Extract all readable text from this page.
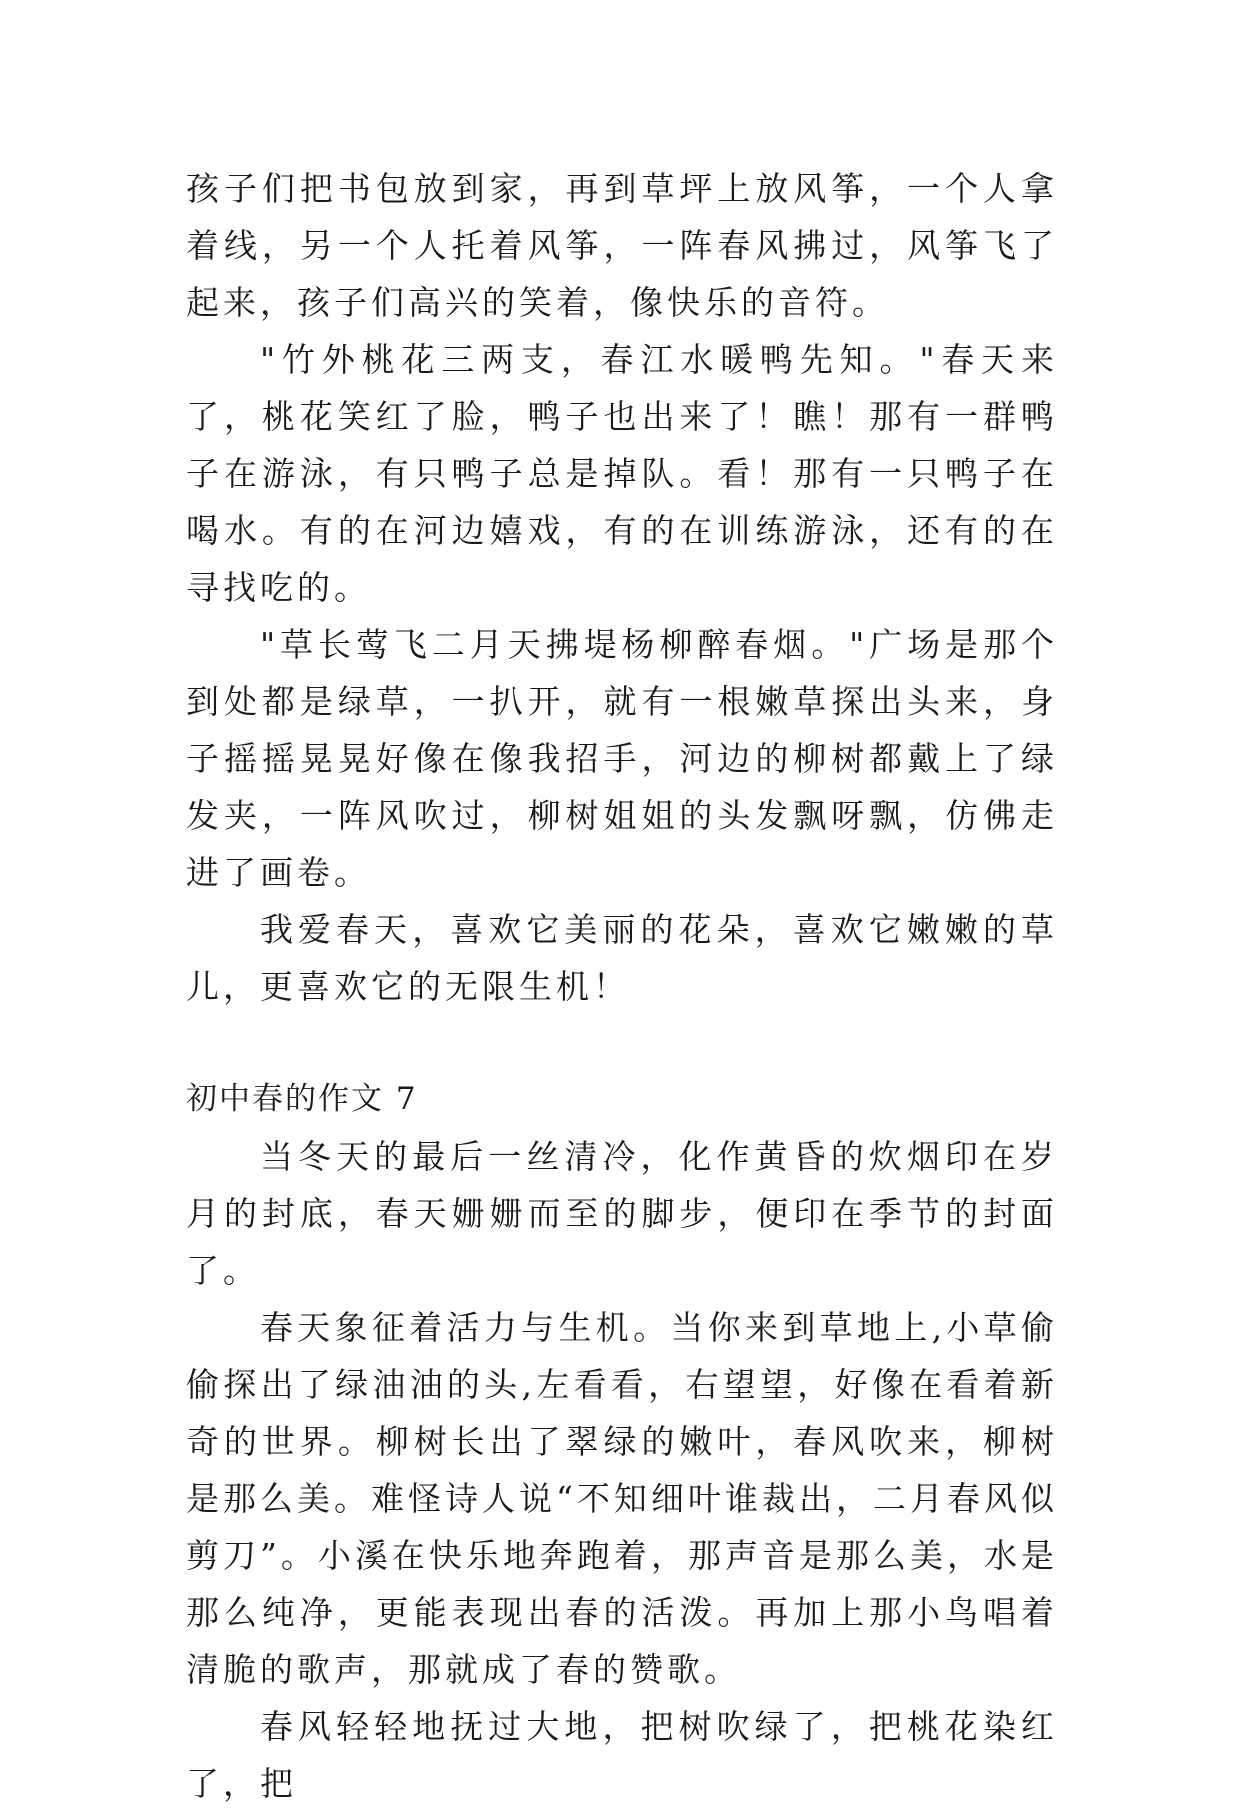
孩子们把书包放到家，再到草坪上放风筝，一个人拿着线，另一个人托着风筝，一阵春风拂过，风筝飞了起来，孩子们高兴的笑着，像快乐的音符。

"竹外桃花三两支，春江水暖鸭先知。"春天来了，桃花笑红了脸，鸭子也出来了！瞧！那有一群鸭子在游泳，有只鸭子总是掉队。看！那有一只鸭子在喝水。有的在河边嬉戏，有的在训练游泳，还有的在寻找吃的。

"草长莺飞二月天拂堤杨柳醉春烟。"广场是那个到处都是绿草，一扒开，就有一根嫩草探出头来，身子摇摇晃晃好像在像我招手，河边的柳树都戴上了绿发夹，一阵风吹过，柳树姐姐的头发飘呀飘，仿佛走进了画卷。

我爱春天，喜欢它美丽的花朵，喜欢它嫩嫩的草儿，更喜欢它的无限生机！

初中春的作文 7

当冬天的最后一丝清冷，化作黄昏的炊烟印在岁月的封底，春天姗姗而至的脚步，便印在季节的封面了。

春天象征着活力与生机。当你来到草地上,小草偷偷探出了绿油油的头,左看看，右望望，好像在看着新奇的世界。柳树长出了翠绿的嫩叶，春风吹来，柳树是那么美。难怪诗人说“不知细叶谁裁出，二月春风似剪刀”。小溪在快乐地奔跑着，那声音是那么美，水是那么纯净，更能表现出春的活泼。再加上那小鸟唱着清脆的歌声，那就成了春的赞歌。

春风轻轻地抚过大地，把树吹绿了，把桃花染红了，把
